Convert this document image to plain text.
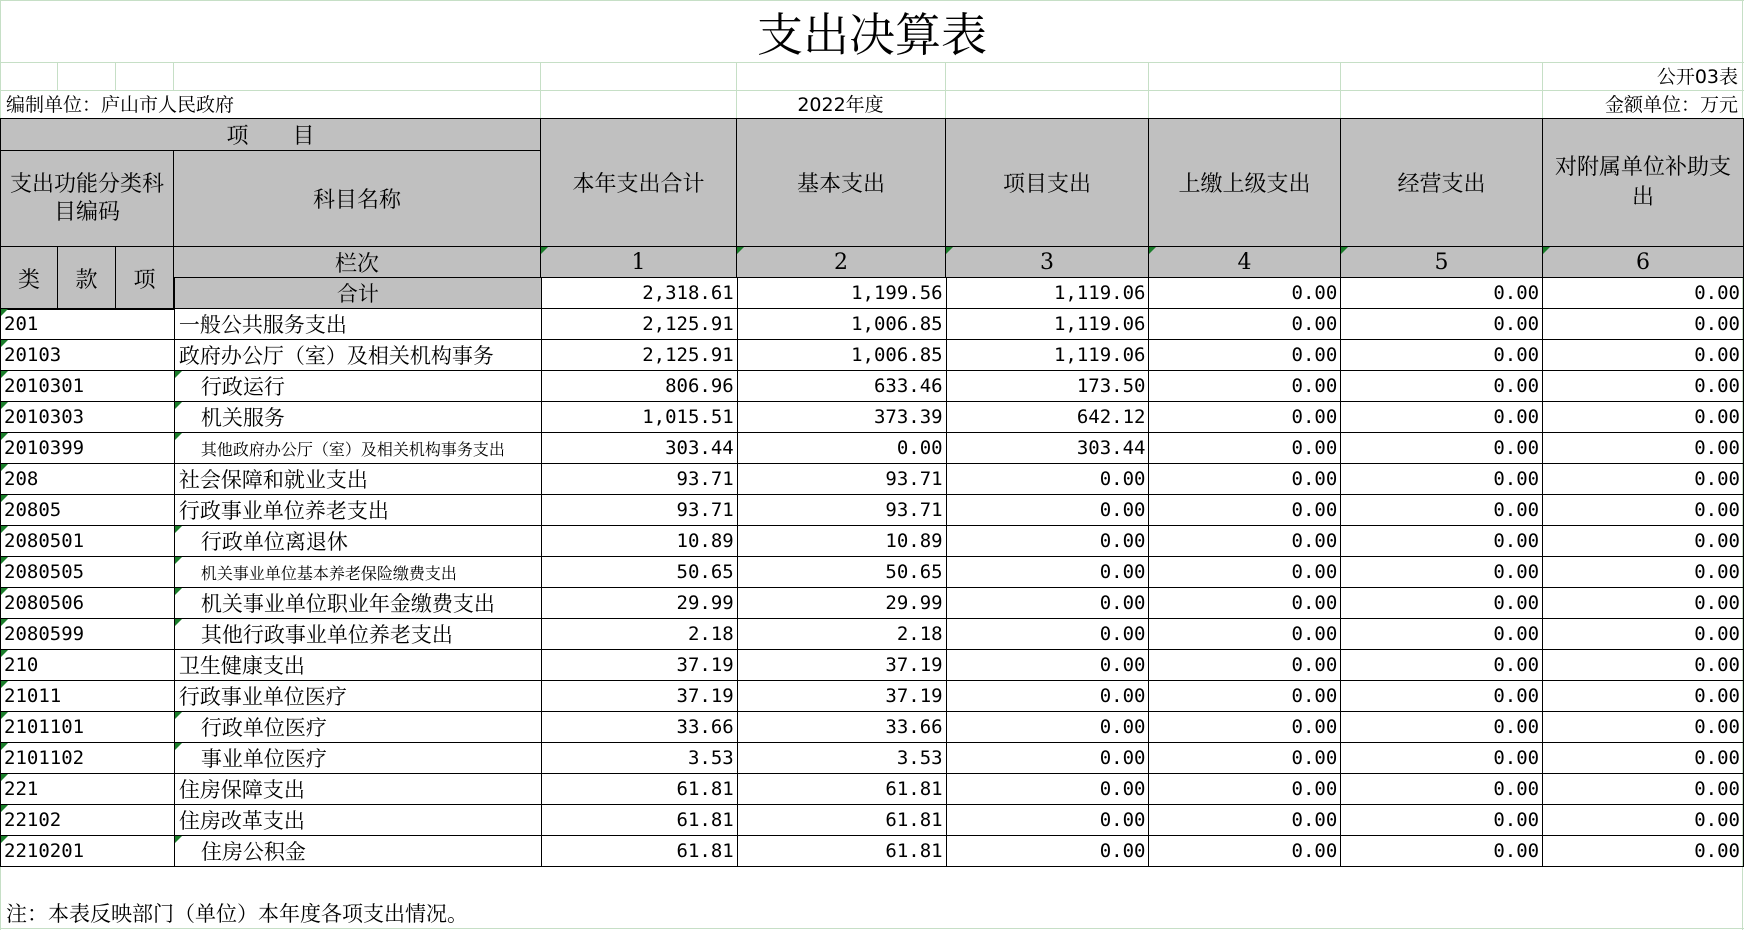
支出决算表
公开03表
编制单位：庐山市人民政府	2022年度	金额单位：万元
项　　目
支出功能分类科目编码	科目名称
本年支出合计	基本支出	项目支出	上缴上级支出	经营支出
对附属单位补助支出
类	款	项
栏次	1	2	3	4	5	6
	合计	2,318.61	1,199.56	1,119.06	0.00	0.00	0.00

201	一般公共服务支出	2,125.91	1,006.85	1,119.06	0.00	0.00	0.00

20103	政府办公厅（室）及相关机构事务	2,125.91	1,006.85	1,119.06	0.00	0.00	0.00

2010301	行政运行	806.96	633.46	173.50	0.00	0.00	0.00

2010303	机关服务	1,015.51	373.39	642.12	0.00	0.00	0.00

2010399	其他政府办公厅（室）及相关机构事务支出	303.44	0.00	303.44	0.00	0.00	0.00

208	社会保障和就业支出	93.71	93.71	0.00	0.00	0.00	0.00

20805	行政事业单位养老支出	93.71	93.71	0.00	0.00	0.00	0.00

2080501	行政单位离退休	10.89	10.89	0.00	0.00	0.00	0.00

2080505	机关事业单位基本养老保险缴费支出	50.65	50.65	0.00	0.00	0.00	0.00

2080506	机关事业单位职业年金缴费支出	29.99	29.99	0.00	0.00	0.00	0.00

2080599	其他行政事业单位养老支出	2.18	2.18	0.00	0.00	0.00	0.00

210	卫生健康支出	37.19	37.19	0.00	0.00	0.00	0.00

21011	行政事业单位医疗	37.19	37.19	0.00	0.00	0.00	0.00

2101101	行政单位医疗	33.66	33.66	0.00	0.00	0.00	0.00

2101102	事业单位医疗	3.53	3.53	0.00	0.00	0.00	0.00

221	住房保障支出	61.81	61.81	0.00	0.00	0.00	0.00

22102	住房改革支出	61.81	61.81	0.00	0.00	0.00	0.00

2210201	住房公积金	61.81	61.81	0.00	0.00	0.00	0.00
注：本表反映部门（单位）本年度各项支出情况。
